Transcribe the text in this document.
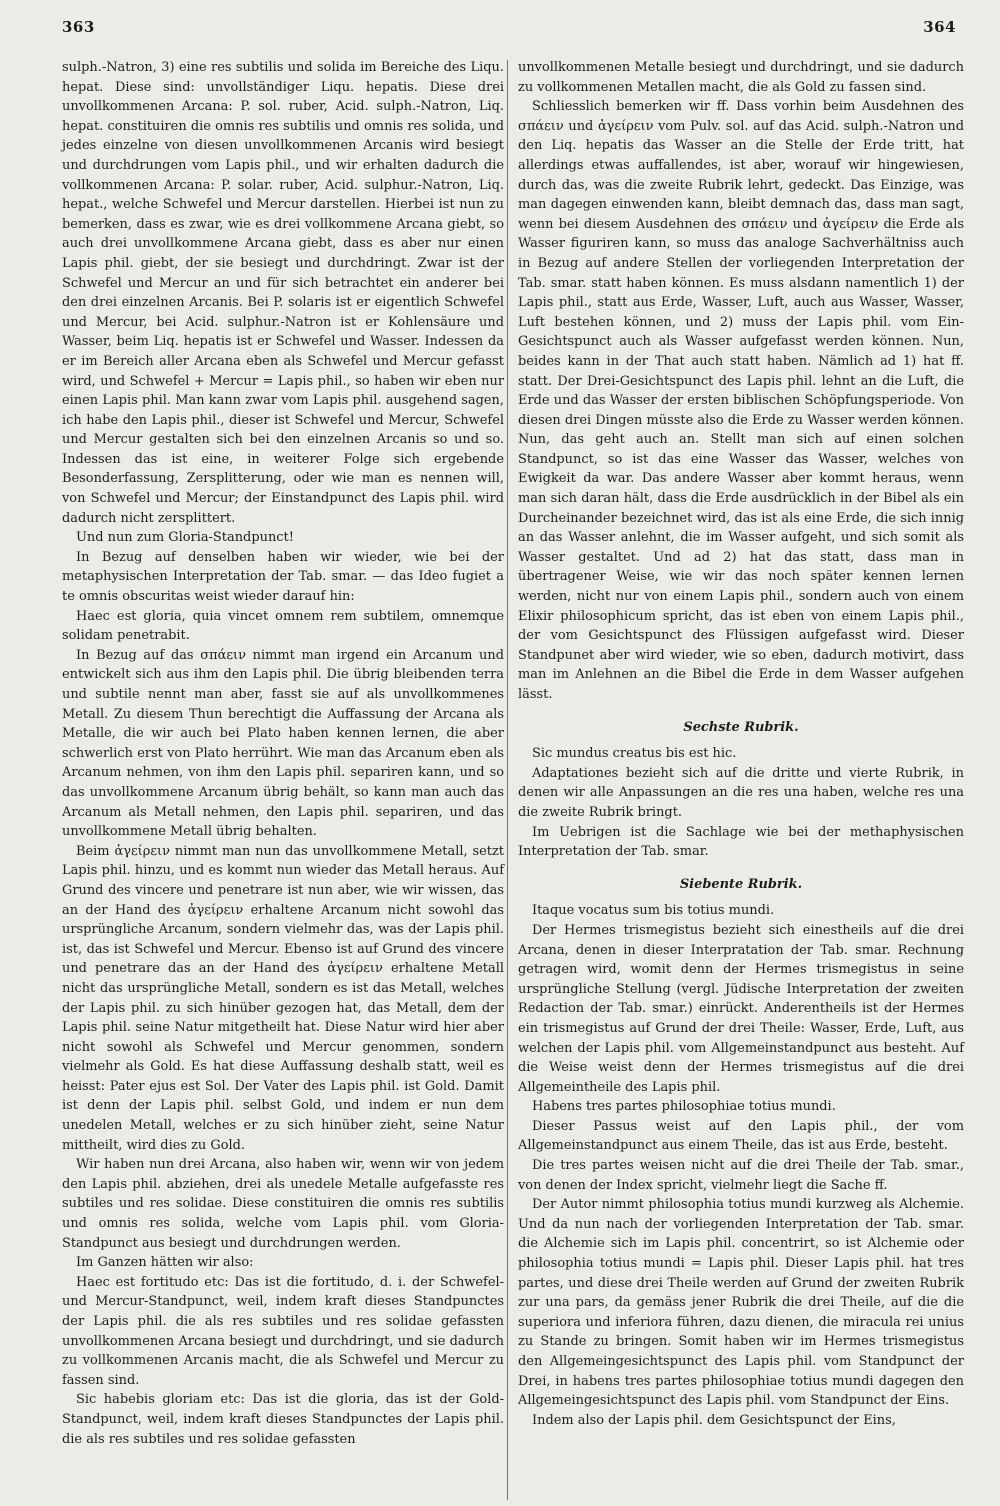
363	364

sulph.-Natron, 3) eine res subtilis und solida im Bereiche des Liqu. hepat. Diese sind: unvollständiger Liqu. hepatis. Diese drei unvollkommenen Arcana: P. sol. ruber, Acid. sulph.-Natron, Liq. hepat. constituiren die omnis res subtilis und omnis res solida, und jedes einzelne von diesen unvollkommenen Arcanis wird besiegt und durchdrungen vom Lapis phil., und wir erhalten dadurch die vollkommenen Arcana: P. solar. ruber, Acid. sulphur.-Natron, Liq. hepat., welche Schwefel und Mercur darstellen. Hierbei ist nun zu bemerken, dass es zwar, wie es drei vollkommene Arcana giebt, so auch drei unvollkommene Arcana giebt, dass es aber nur einen Lapis phil. giebt, der sie besiegt und durchdringt. Zwar ist der Schwefel und Mercur an und für sich betrachtet ein anderer bei den drei einzelnen Arcanis. Bei P. solaris ist er eigentlich Schwefel und Mercur, bei Acid. sulphur.-Natron ist er Kohlensäure und Wasser, beim Liq. hepatis ist er Schwefel und Wasser. Indessen da er im Bereich aller Arcana eben als Schwefel und Mercur gefasst wird, und Schwefel + Mercur = Lapis phil., so haben wir eben nur einen Lapis phil. Man kann zwar vom Lapis phil. ausgehend sagen, ich habe den Lapis phil., dieser ist Schwefel und Mercur, Schwefel und Mercur gestalten sich bei den einzelnen Arcanis so und so. Indessen das ist eine, in weiterer Folge sich ergebende Besonderfassung, Zersplitterung, oder wie man es nennen will, von Schwefel und Mercur; der Einstandpunct des Lapis phil. wird dadurch nicht zersplittert.

Und nun zum Gloria-Standpunct!

In Bezug auf denselben haben wir wieder, wie bei der metaphysischen Interpretation der Tab. smar. — das Ideo fugiet a te omnis obscuritas weist wieder darauf hin:

Haec est gloria, quia vincet omnem rem subtilem, omnemque solidam penetrabit.

In Bezug auf das σπάειν nimmt man irgend ein Arcanum und entwickelt sich aus ihm den Lapis phil. Die übrig bleibenden terra und subtile nennt man aber, fasst sie auf als unvollkommenes Metall. Zu diesem Thun berechtigt die Auffassung der Arcana als Metalle, die wir auch bei Plato haben kennen lernen, die aber schwerlich erst von Plato herrührt. Wie man das Arcanum eben als Arcanum nehmen, von ihm den Lapis phil. separiren kann, und so das unvollkommene Arcanum übrig behält, so kann man auch das Arcanum als Metall nehmen, den Lapis phil. separiren, und das unvollkommene Metall übrig behalten.

Beim ἀγείρειν nimmt man nun das unvollkommene Metall, setzt Lapis phil. hinzu, und es kommt nun wieder das Metall heraus. Auf Grund des vincere und penetrare ist nun aber, wie wir wissen, das an der Hand des ἀγείρειν erhaltene Arcanum nicht sowohl das ursprüngliche Arcanum, sondern vielmehr das, was der Lapis phil. ist, das ist Schwefel und Mercur. Ebenso ist auf Grund des vincere und penetrare das an der Hand des ἀγείρειν erhaltene Metall nicht das ursprüngliche Metall, sondern es ist das Metall, welches der Lapis phil. zu sich hinüber gezogen hat, das Metall, dem der Lapis phil. seine Natur mitgetheilt hat. Diese Natur wird hier aber nicht sowohl als Schwefel und Mercur genommen, sondern vielmehr als Gold. Es hat diese Auffassung deshalb statt, weil es heisst: Pater ejus est Sol. Der Vater des Lapis phil. ist Gold. Damit ist denn der Lapis phil. selbst Gold, und indem er nun dem unedelen Metall, welches er zu sich hinüber zieht, seine Natur mittheilt, wird dies zu Gold.

Wir haben nun drei Arcana, also haben wir, wenn wir von jedem den Lapis phil. abziehen, drei als unedele Metalle aufgefasste res subtiles und res solidae. Diese constituiren die omnis res subtilis und omnis res solida, welche vom Lapis phil. vom Gloria-Standpunct aus besiegt und durchdrungen werden.

Im Ganzen hätten wir also:

Haec est fortitudo etc: Das ist die fortitudo, d. i. der Schwefel- und Mercur-Standpunct, weil, indem kraft dieses Standpunctes der Lapis phil. die als res subtiles und res solidae gefassten unvollkommenen Arcana besiegt und durchdringt, und sie dadurch zu vollkommenen Arcanis macht, die als Schwefel und Mercur zu fassen sind.

Sic habebis gloriam etc: Das ist die gloria, das ist der Gold-Standpunct, weil, indem kraft dieses Standpunctes der Lapis phil. die als res subtiles und res solidae gefassten

unvollkommenen Metalle besiegt und durchdringt, und sie dadurch zu vollkommenen Metallen macht, die als Gold zu fassen sind.

Schliesslich bemerken wir ff. Dass vorhin beim Ausdehnen des σπάειν und ἀγείρειν vom Pulv. sol. auf das Acid. sulph.-Natron und den Liq. hepatis das Wasser an die Stelle der Erde tritt, hat allerdings etwas auffallendes, ist aber, worauf wir hingewiesen, durch das, was die zweite Rubrik lehrt, gedeckt. Das Einzige, was man dagegen einwenden kann, bleibt demnach das, dass man sagt, wenn bei diesem Ausdehnen des σπάειν und ἀγείρειν die Erde als Wasser figuriren kann, so muss das analoge Sachverhältniss auch in Bezug auf andere Stellen der vorliegenden Interpretation der Tab. smar. statt haben können. Es muss alsdann namentlich 1) der Lapis phil., statt aus Erde, Wasser, Luft, auch aus Wasser, Wasser, Luft bestehen können, und 2) muss der Lapis phil. vom Ein-Gesichtspunct auch als Wasser aufgefasst werden können. Nun, beides kann in der That auch statt haben. Nämlich ad 1) hat ff. statt. Der Drei-Gesichtspunct des Lapis phil. lehnt an die Luft, die Erde und das Wasser der ersten biblischen Schöpfungsperiode. Von diesen drei Dingen müsste also die Erde zu Wasser werden können. Nun, das geht auch an. Stellt man sich auf einen solchen Standpunct, so ist das eine Wasser das Wasser, welches von Ewigkeit da war. Das andere Wasser aber kommt heraus, wenn man sich daran hält, dass die Erde ausdrücklich in der Bibel als ein Durcheinander bezeichnet wird, das ist als eine Erde, die sich innig an das Wasser anlehnt, die im Wasser aufgeht, und sich somit als Wasser gestaltet. Und ad 2) hat das statt, dass man in übertragener Weise, wie wir das noch später kennen lernen werden, nicht nur von einem Lapis phil., sondern auch von einem Elixir philosophicum spricht, das ist eben von einem Lapis phil., der vom Gesichtspunct des Flüssigen aufgefasst wird. Dieser Standpunet aber wird wieder, wie so eben, dadurch motivirt, dass man im Anlehnen an die Bibel die Erde in dem Wasser aufgehen lässt.

Sechste Rubrik.

Sic mundus creatus bis est hic.

Adaptationes bezieht sich auf die dritte und vierte Rubrik, in denen wir alle Anpassungen an die res una haben, welche res una die zweite Rubrik bringt.

Im Uebrigen ist die Sachlage wie bei der methaphysischen Interpretation der Tab. smar.

Siebente Rubrik.

Itaque vocatus sum bis totius mundi.

Der Hermes trismegistus bezieht sich einestheils auf die drei Arcana, denen in dieser Interpratation der Tab. smar. Rechnung getragen wird, womit denn der Hermes trismegistus in seine ursprüngliche Stellung (vergl. Jüdische Interpretation der zweiten Redaction der Tab. smar.) einrückt. Anderentheils ist der Hermes ein trismegistus auf Grund der drei Theile: Wasser, Erde, Luft, aus welchen der Lapis phil. vom Allgemeinstandpunct aus besteht. Auf die Weise weist denn der Hermes trismegistus auf die drei Allgemeintheile des Lapis phil.

Habens tres partes philosophiae totius mundi.

Dieser Passus weist auf den Lapis phil., der vom Allgemeinstandpunct aus einem Theile, das ist aus Erde, besteht.

Die tres partes weisen nicht auf die drei Theile der Tab. smar., von denen der Index spricht, vielmehr liegt die Sache ff.

Der Autor nimmt philosophia totius mundi kurzweg als Alchemie. Und da nun nach der vorliegenden Interpretation der Tab. smar. die Alchemie sich im Lapis phil. concentrirt, so ist Alchemie oder philosophia totius mundi = Lapis phil. Dieser Lapis phil. hat tres partes, und diese drei Theile werden auf Grund der zweiten Rubrik zur una pars, da gemäss jener Rubrik die drei Theile, auf die die superiora und inferiora führen, dazu dienen, die miracula rei unius zu Stande zu bringen. Somit haben wir im Hermes trismegistus den Allgemeingesichtspunct des Lapis phil. vom Standpunct der Drei, in habens tres partes philosophiae totius mundi dagegen den Allgemeingesichtspunct des Lapis phil. vom Standpunct der Eins.

Indem also der Lapis phil. dem Gesichtspunct der Eins,
